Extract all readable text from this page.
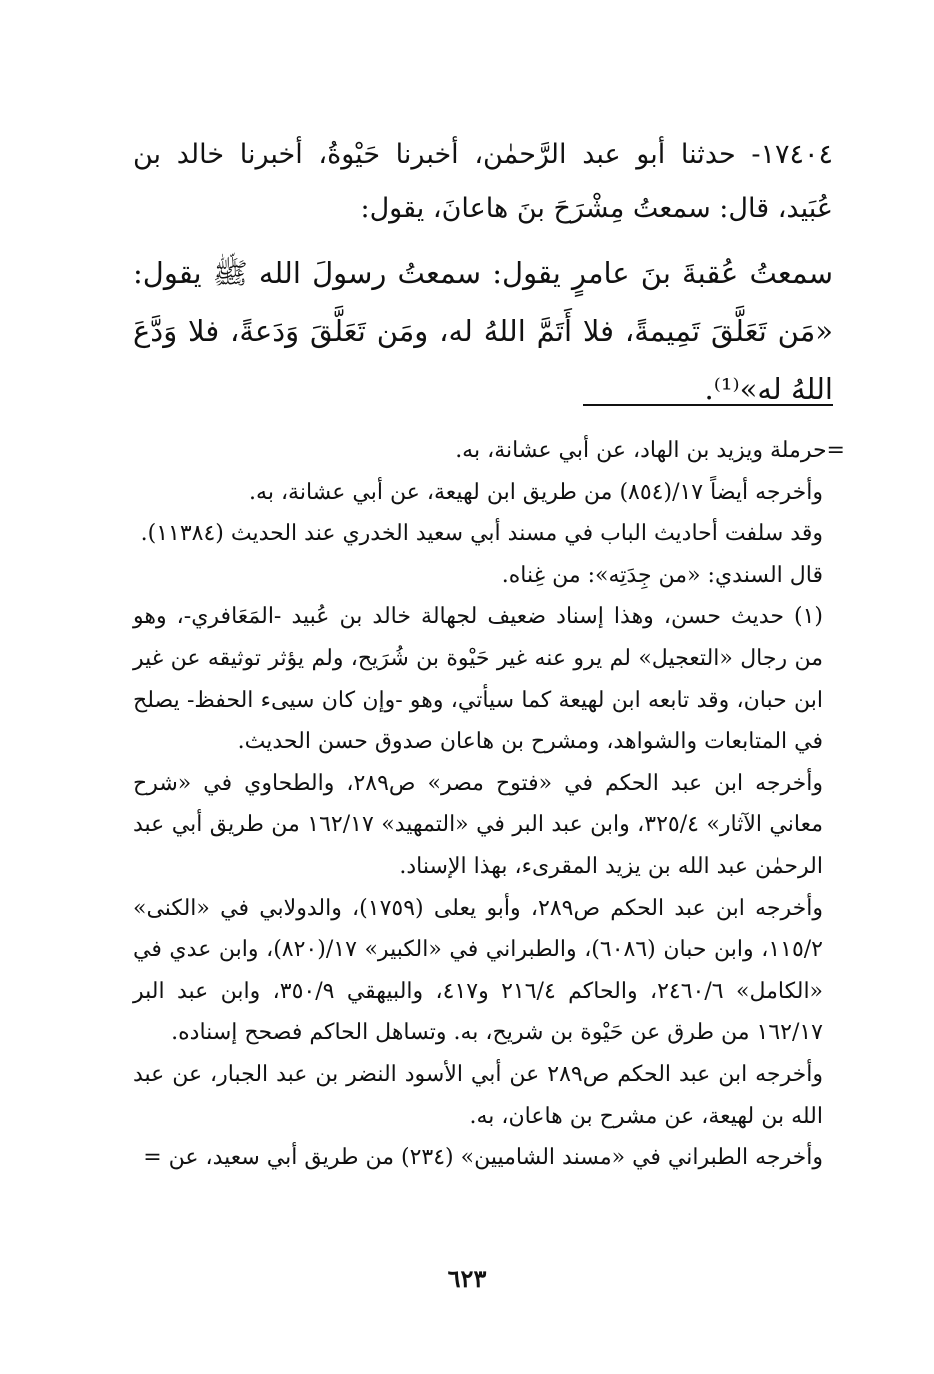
١٧٤٠٤- حدثنا أبو عبد الرَّحمٰن، أخبرنا حَيْوةُ، أخبرنا خالد بن عُبَيد، قال: سمعتُ مِشْرَحَ بنَ هاعانَ، يقول:

سمعتُ عُقبةَ بنَ عامرٍ يقول: سمعتُ رسولَ الله ﷺ يقول: «مَن تَعَلَّقَ تَمِيمةً، فلا أَتَمَّ اللهُ له، ومَن تَعَلَّقَ وَدَعةً، فلا وَدَّعَ اللهُ له»⁽¹⁾.

=حرملة ويزيد بن الهاد، عن أبي عشانة، به.

وأخرجه أيضاً ١٧/(٨٥٤) من طريق ابن لهيعة، عن أبي عشانة، به.

وقد سلفت أحاديث الباب في مسند أبي سعيد الخدري عند الحديث (١١٣٨٤).

قال السندي: «من جِدَتِه»: من غِناه.

(١) حديث حسن، وهذا إسناد ضعيف لجهالة خالد بن عُبيد -المَعَافري-، وهو من رجال «التعجيل» لم يرو عنه غير حَيْوة بن شُرَيح، ولم يؤثر توثيقه عن غير ابن حبان، وقد تابعه ابن لهيعة كما سيأتي، وهو -وإن كان سيىء الحفظ- يصلح في المتابعات والشواهد، ومشرح بن هاعان صدوق حسن الحديث.

وأخرجه ابن عبد الحكم في «فتوح مصر» ص٢٨٩، والطحاوي في «شرح معاني الآثار» ٣٢٥/٤، وابن عبد البر في «التمهيد» ١٦٢/١٧ من طريق أبي عبد الرحمٰن عبد الله بن يزيد المقرىء، بهذا الإسناد.

وأخرجه ابن عبد الحكم ص٢٨٩، وأبو يعلى (١٧٥٩)، والدولابي في «الكنى» ١١٥/٢، وابن حبان (٦٠٨٦)، والطبراني في «الكبير» ١٧/(٨٢٠)، وابن عدي في «الكامل» ٢٤٦٠/٦، والحاكم ٢١٦/٤ و٤١٧، والبيهقي ٣٥٠/٩، وابن عبد البر ١٦٢/١٧ من طرق عن حَيْوة بن شريح، به. وتساهل الحاكم فصحح إسناده.

وأخرجه ابن عبد الحكم ص٢٨٩ عن أبي الأسود النضر بن عبد الجبار، عن عبد الله بن لهيعة، عن مشرح بن هاعان، به.

وأخرجه الطبراني في «مسند الشاميين» (٢٣٤) من طريق أبي سعيد، عن =

٦٢٣
